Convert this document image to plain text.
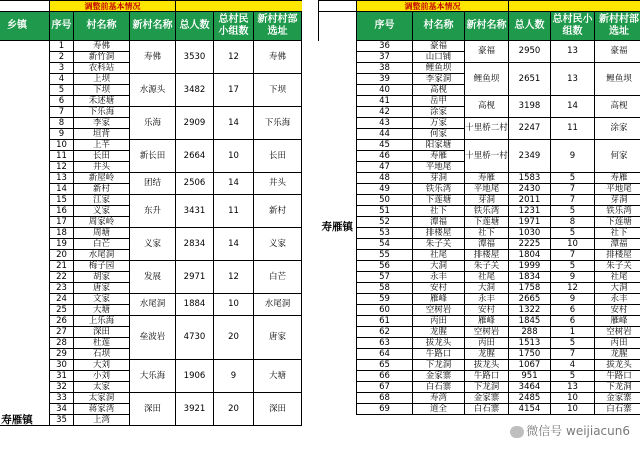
	调整前基本情况					
乡镇	序号	村名称	新村名称	总人数	总村民小组数	新村村部选址
寿雁镇	1	寿佛	寿佛	3530	12	寿佛
	2	新竹洞				
	3	农科站				
	4	上坝	水源头	3482	17	下坝
	5	下坝				
	6	禾述塘				
	7	下乐海	乐海	2909	14	下乐海
	8	李家				
	9	垣背				
	10	上芊	新长田	2664	10	长田
	11	长田				
	12	井头				
	13	新屋岭	团结	2506	14	井头
	14	新村				
	15	江家	东升	3431	11	新村
	16	义家				
	17	周家岭				
	18	周塘	义家	2834	14	义家
	19	白芒				
	20	水尾洞				
	21	梅子园	发展	2971	12	白芒
	22	胡家				
	23	唐家				
	24	文家	水尾洞	1884	10	水尾洞
	25	大塘				
	26	上乐海	垒波岩	4730	20	唐家
	27	深田				
	28	杜莲				
	29	石坝				
	30	大刘	大乐海	1906	9	大塘
	31	小刘				
	32	太家				
	33	太家洞	深田	3921	20	深田
	34	蒋家湾				
	35	上湾				
	调整前基本情况					
	序号	村名称	新村名称	总人数	总村民小组数	新村村部选址
寿雁镇	36	豪福	豪福	2950	13	豪福
	37	山口铺				
	38	鲤鱼坝	鲤鱼坝	2651	13	鲤鱼坝
	39	李家洞				
	40	高枧				
	41	岳甲	高枧	3198	14	高枧
	42	涂家				
	43	万家	十里桥二村	2247	11	涂家
	44	何家				
	45	阳家塘	十里桥一村	2349	9	何家
	46	寿雁				
	47	平地尾				
	48	芽洞	寿雁	1583	5	寿雁
	49	铁乐湾	平地尾	2430	7	平地尾
	50	下莲塘	芽洞	2011	7	芽洞
	51	社下	铁乐湾	1231	5	铁乐湾
	52	潭福	下莲塘	1971	8	下莲塘
	53	排楼屋	社下	1030	5	社下
	54	朱子关	潭福	2225	10	潭福
	55	社尾	排楼屋	1804	7	排楼屋
	56	大洞	朱子关	1999	5	朱子关
	57	永丰	社尾	1834	9	社尾
	58	安村	大洞	1758	12	大洞
	59	雁峰	永丰	2665	9	永丰
	60	空树岩	安村	1322	6	安村
	61	丙田	雁峰	1845	6	雁峰
	62	龙腥	空树岩	288	1	空树岩
	63	拔龙头	丙田	1513	5	丙田
	64	牛路口	龙腥	1750	7	龙腥
	65	下龙洞	拔龙头	1067	4	拔龙头
	66	金家寨	牛路口	951	5	牛路口
	67	白石寨	下龙洞	3464	13	下龙洞
	68	寿湾	金家寨	2485	10	金家寨
	69	道全	白石寨	4154	10	白石寨
微信号 weijiacun6
